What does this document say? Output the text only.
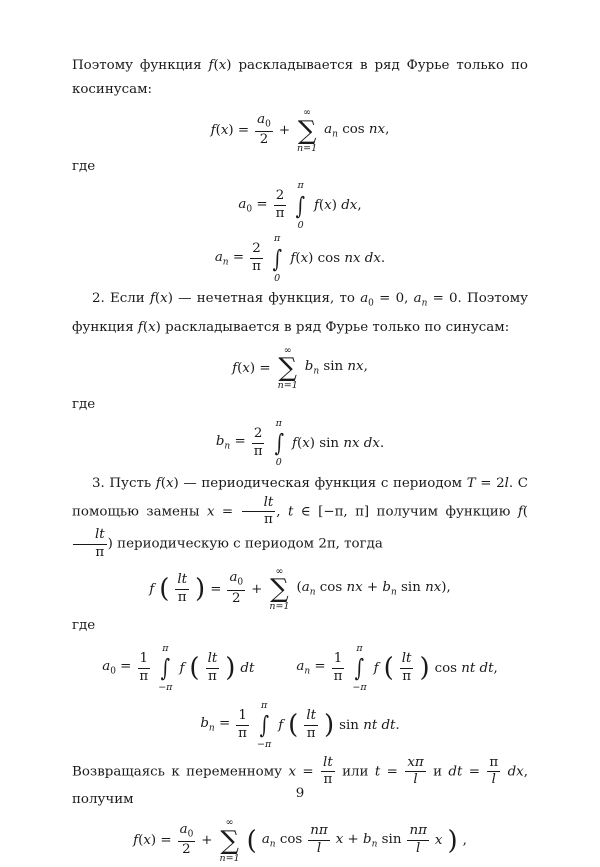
Поэтому функция f(x) раскладывается в ряд Фурье только по косинусам:

$f(x) = \frac{a_0}{2}$ +
∞
∑
n=1
$a_n$ cos nx,

где

$a_0 = \frac{2}{\pi}$
π
∫
0
f(x) dx,
$a_n = \frac{2}{\pi}$
π
∫
0
f(x) cos nx dx.

2. Если f(x) — нечетная функция, то $a_0 = 0$, $a_n = 0$. Поэтому функция f(x) раскладывается в ряд Фурье только по синусам:

f(x) =
∞
∑
n=1
$b_n$ sin nx,

где

$b_n = \frac{2}{\pi}$
π
∫
0
f(x) sin nx dx.

3. Пусть f(x) — периодическая функция с периодом T = 2l. С помощью замены $x = \frac{lt}{\pi}$ , t ∈ [−π, π] получим функцию f(
$\frac{lt}{\pi}$ ) периодическую с периодом 2π, тогда

f ( $\frac{lt}{\pi}$ ) = $\frac{a_0}{2}$ +
∞
∑
n=1
($a_n$ cos nx + $b_n$ sin nx),

где

$a_0 = \frac{1}{\pi}$
π
∫
−π
f ( $\frac{lt}{\pi}$ ) dt	$a_n = \frac{1}{\pi}$
π
∫
−π
f ( $\frac{lt}{\pi}$ ) cos nt dt,
$b_n = \frac{1}{\pi}$
π
∫
−π
f ( $\frac{lt}{\pi}$ ) sin nt dt.

Возвращаясь к переменному $x = \frac{lt}{\pi}$ или $t = \frac{x\pi}{l}$ и dt = $\frac{\pi}{l}$ dx, получим

$f(x) = \frac{a_0}{2}$ +
∞
∑
n=1
( $a_n$ $\cos \frac{n\pi}{l}$ $x + b_n$ $\sin \frac{n\pi}{l}$ x ) ,
9
